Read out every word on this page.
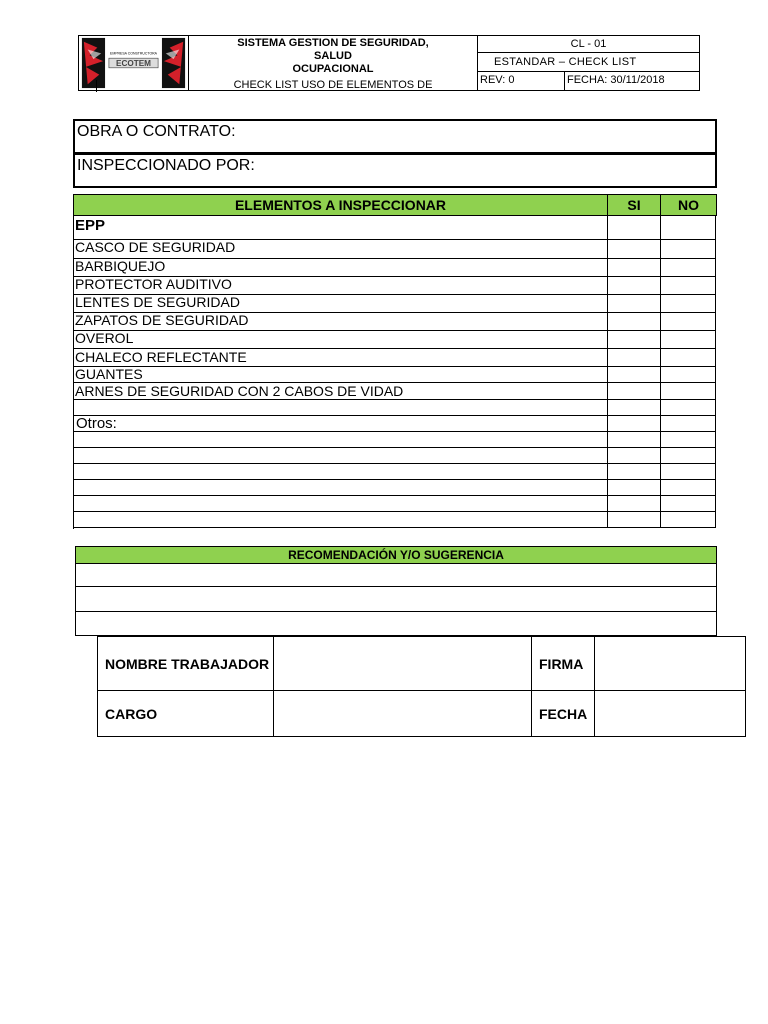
EMPRESA CONSTRUCTORA
ECOTEM
SISTEMA GESTION DE SEGURIDAD,
SALUD
OCUPACIONAL
CHECK LIST USO DE ELEMENTOS DE
CL - 01
ESTANDAR – CHECK LIST
REV: 0	FECHA: 30/11/2018
OBRA O CONTRATO:
INSPECCIONADO POR:
ELEMENTOS A INSPECCIONAR	SI	NO
EPP
CASCO DE SEGURIDAD
BARBIQUEJO
PROTECTOR AUDITIVO
LENTES DE SEGURIDAD
ZAPATOS DE SEGURIDAD
OVEROL
CHALECO REFLECTANTE
GUANTES
ARNES DE SEGURIDAD CON 2 CABOS DE VIDAD
Otros:
RECOMENDACIÓN Y/O SUGERENCIA
NOMBRE TRABAJADOR	FIRMA
CARGO	FECHA
